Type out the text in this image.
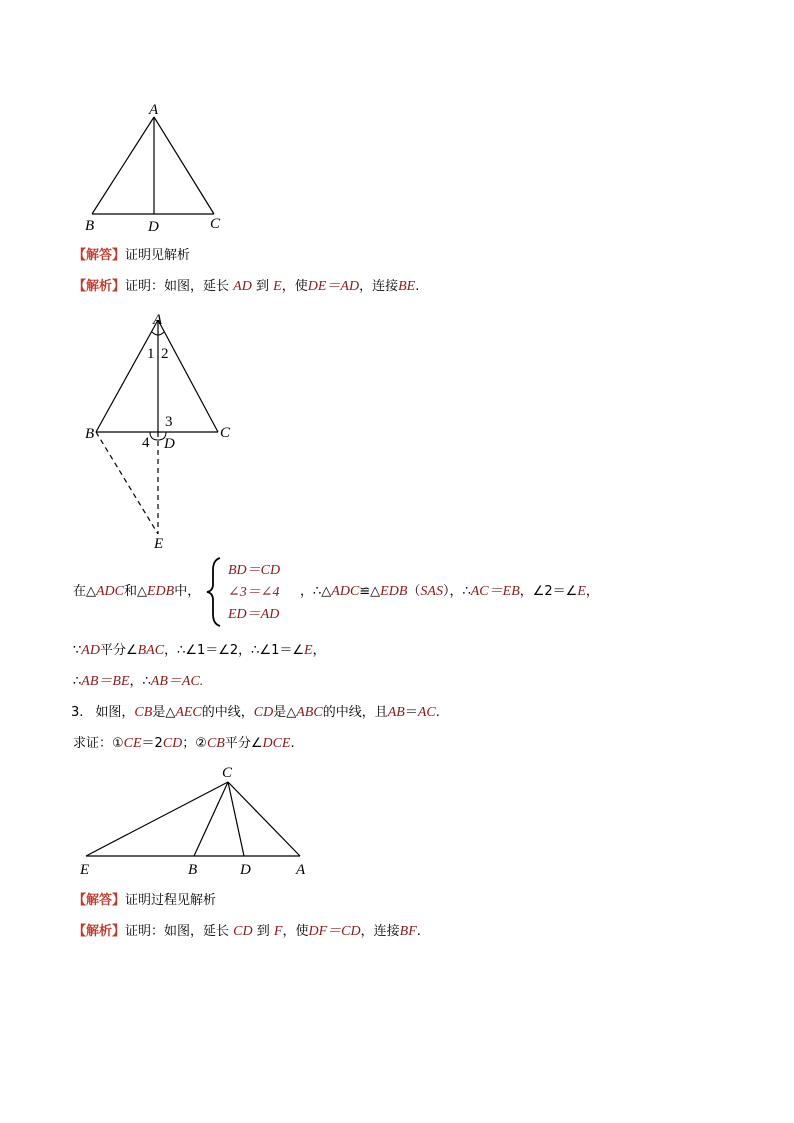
A
B	C
D
【解答】证明见解析
【解析】证明：如图，延长 AD 到 E，使DE＝AD，连接BE.
A
1 2
3
4
B	C
D
E
在△ADC和△EDB中，
BD＝CD
∠3＝∠4
ED＝AD
，∴△ADC≌△EDB（SAS），∴AC＝EB，∠2＝∠E，
∵AD平分∠BAC，∴∠1＝∠2，∴∠1＝∠E，
∴AB＝BE，∴AB＝AC.
3. 如图，CB是△AEC的中线，CD是△ABC的中线，且AB＝AC.
求证：①CE＝2CD；②CB平分∠DCE.
C
E	B	D	A
【解答】证明过程见解析
【解析】证明：如图，延长 CD 到 F，使DF＝CD，连接BF.
